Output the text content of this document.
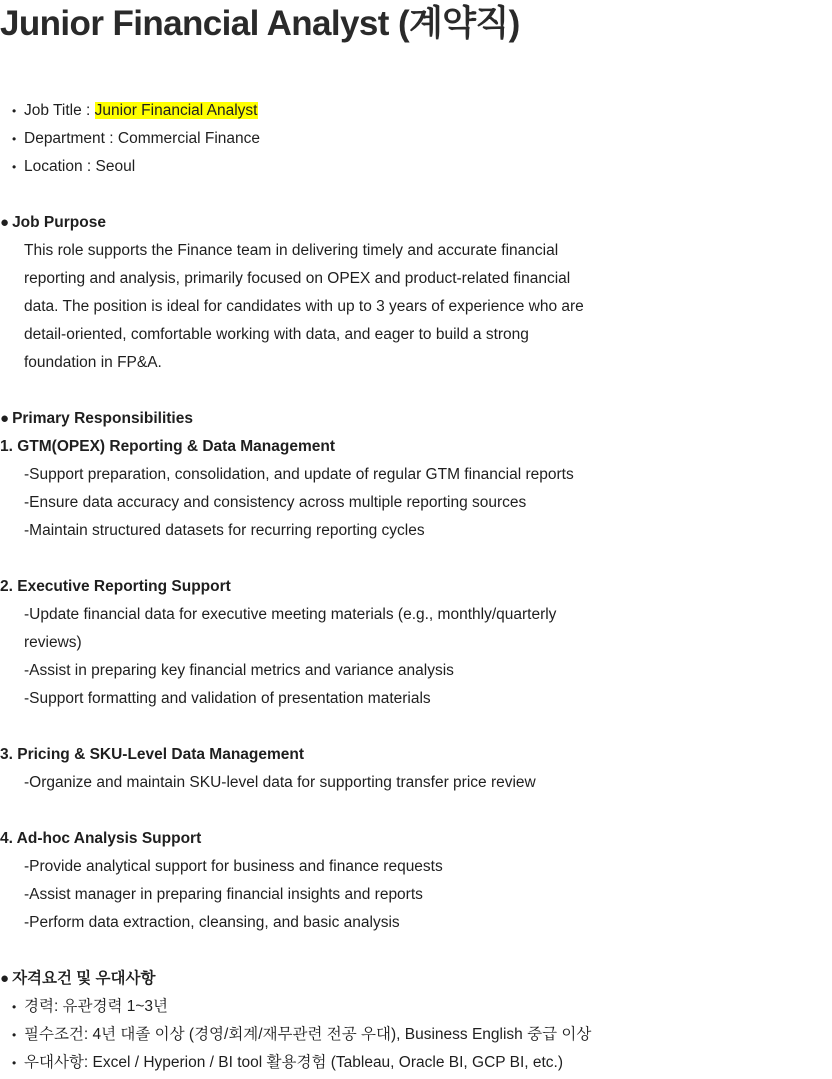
Junior Financial Analyst (계약직)
• Job Title : Junior Financial Analyst
• Department : Commercial Finance
• Location : Seoul
● Job Purpose
This role supports the Finance team in delivering timely and accurate financial reporting and analysis, primarily focused on OPEX and product-related financial data. The position is ideal for candidates with up to 3 years of experience who are detail-oriented, comfortable working with data, and eager to build a strong foundation in FP&A.
● Primary Responsibilities
1. GTM(OPEX) Reporting & Data Management
-Support preparation, consolidation, and update of regular GTM financial reports
-Ensure data accuracy and consistency across multiple reporting sources
-Maintain structured datasets for recurring reporting cycles
2. Executive Reporting Support
-Update financial data for executive meeting materials (e.g., monthly/quarterly reviews)
-Assist in preparing key financial metrics and variance analysis
-Support formatting and validation of presentation materials
3. Pricing & SKU-Level Data Management
-Organize and maintain SKU-level data for supporting transfer price review
4. Ad-hoc Analysis Support
-Provide analytical support for business and finance requests
-Assist manager in preparing financial insights and reports
-Perform data extraction, cleansing, and basic analysis
● 자격요건 및 우대사항
• 경력: 유관경력 1~3년
• 필수조건: 4년 대졸 이상 (경영/회계/재무관련 전공 우대), Business English 중급 이상
• 우대사항: Excel / Hyperion / BI tool 활용경험 (Tableau, Oracle BI, GCP BI, etc.)
